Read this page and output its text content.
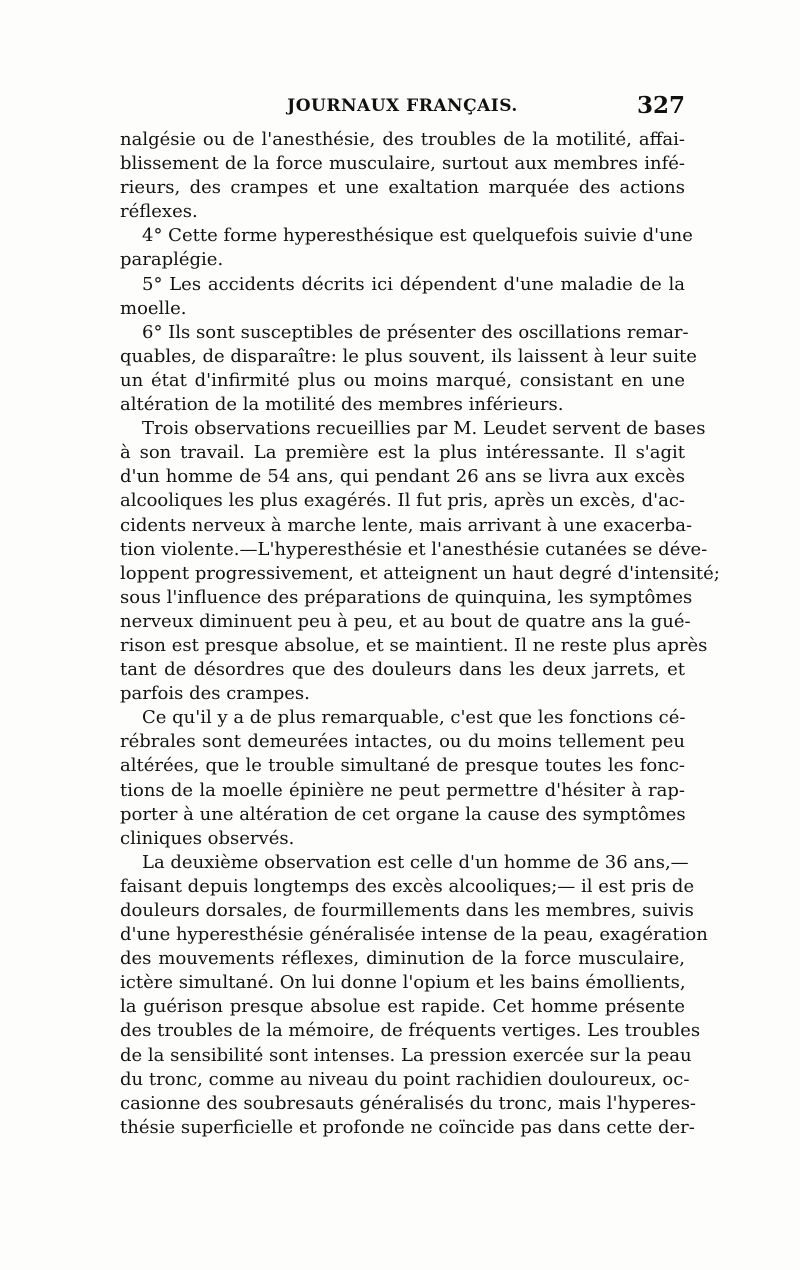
JOURNAUX FRANÇAIS.	327
nalgésie ou de l'anesthésie, des troubles de la motilité, affai-
blissement de la force musculaire, surtout aux membres infé-
rieurs, des crampes et une exaltation marquée des actions
réflexes.
4° Cette forme hyperesthésique est quelquefois suivie d'une
paraplégie.
5° Les accidents décrits ici dépendent d'une maladie de la
moelle.
6° Ils sont susceptibles de présenter des oscillations remar-
quables, de disparaître: le plus souvent, ils laissent à leur suite
un état d'infirmité plus ou moins marqué, consistant en une
altération de la motilité des membres inférieurs.
Trois observations recueillies par M. Leudet servent de bases
à son travail. La première est la plus intéressante. Il s'agit
d'un homme de 54 ans, qui pendant 26 ans se livra aux excès
alcooliques les plus exagérés. Il fut pris, après un excès, d'ac-
cidents nerveux à marche lente, mais arrivant à une exacerba-
tion violente.—L'hyperesthésie et l'anesthésie cutanées se déve-
loppent progressivement, et atteignent un haut degré d'intensité;
sous l'influence des préparations de quinquina, les symptômes
nerveux diminuent peu à peu, et au bout de quatre ans la gué-
rison est presque absolue, et se maintient. Il ne reste plus après
tant de désordres que des douleurs dans les deux jarrets, et
parfois des crampes.
Ce qu'il y a de plus remarquable, c'est que les fonctions cé-
rébrales sont demeurées intactes, ou du moins tellement peu
altérées, que le trouble simultané de presque toutes les fonc-
tions de la moelle épinière ne peut permettre d'hésiter à rap-
porter à une altération de cet organe la cause des symptômes
cliniques observés.
La deuxième observation est celle d'un homme de 36 ans,—
faisant depuis longtemps des excès alcooliques;— il est pris de
douleurs dorsales, de fourmillements dans les membres, suivis
d'une hyperesthésie généralisée intense de la peau, exagération
des mouvements réflexes, diminution de la force musculaire,
ictère simultané. On lui donne l'opium et les bains émollients,
la guérison presque absolue est rapide. Cet homme présente
des troubles de la mémoire, de fréquents vertiges. Les troubles
de la sensibilité sont intenses. La pression exercée sur la peau
du tronc, comme au niveau du point rachidien douloureux, oc-
casionne des soubresauts généralisés du tronc, mais l'hyperes-
thésie superficielle et profonde ne coïncide pas dans cette der-
